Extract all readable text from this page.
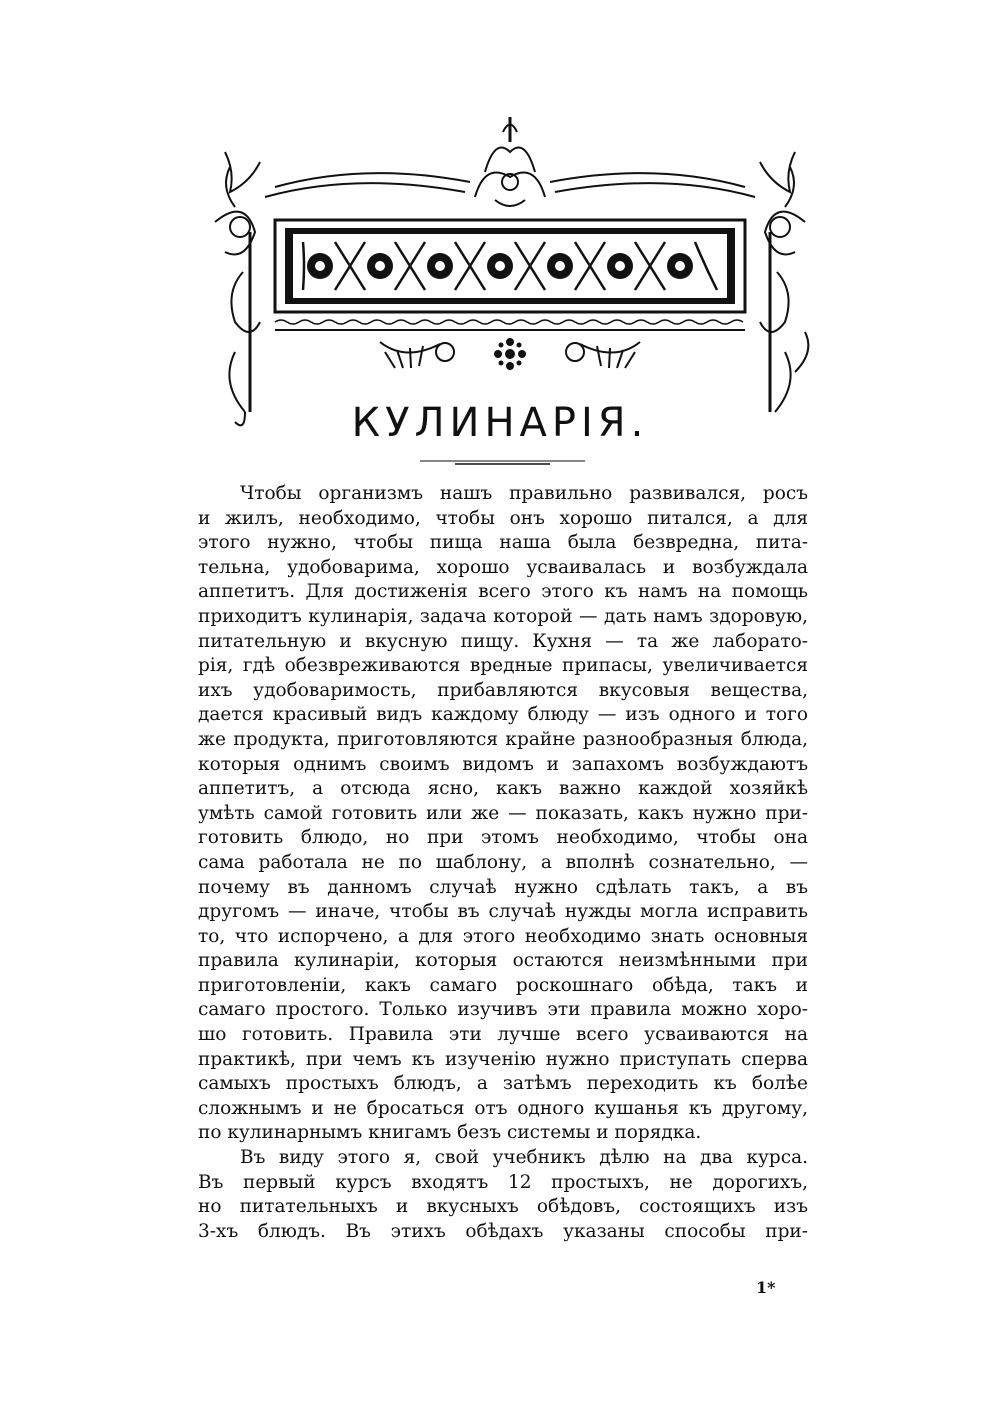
КУЛИНАРІЯ.
Чтобы организмъ нашъ правильно развивался, росъ
и жилъ, необходимо, чтобы онъ хорошо питался, а для
этого нужно, чтобы пища наша была безвредна, пита-
тельна, удобоварима, хорошо усваивалась и возбуждала
аппетитъ. Для достиженія всего этого къ намъ на помощь
приходитъ кулинарія, задача которой — дать намъ здоровую,
питательную и вкусную пищу. Кухня — та же лаборато-
рія, гдѣ обезвреживаются вредные припасы, увеличивается
ихъ удобоваримость, прибавляются вкусовыя вещества,
дается красивый видъ каждому блюду — изъ одного и того
же продукта, приготовляются крайне разнообразныя блюда,
которыя однимъ своимъ видомъ и запахомъ возбуждаютъ
аппетитъ, а отсюда ясно, какъ важно каждой хозяйкѣ
умѣть самой готовить или же — показать, какъ нужно при-
готовить блюдо, но при этомъ необходимо, чтобы она
сама работала не по шаблону, а вполнѣ сознательно, —
почему въ данномъ случаѣ нужно сдѣлать такъ, а въ
другомъ — иначе, чтобы въ случаѣ нужды могла исправить
то, что испорчено, а для этого необходимо знать основныя
правила кулинаріи, которыя остаются неизмѣнными при
приготовленіи, какъ самаго роскошнаго обѣда, такъ и
самаго простого. Только изучивъ эти правила можно хоро-
шо готовить. Правила эти лучше всего усваиваются на
практикѣ, при чемъ къ изученію нужно приступать сперва
самыхъ простыхъ блюдъ, а затѣмъ переходить къ болѣе
сложнымъ и не бросаться отъ одного кушанья къ другому,
по кулинарнымъ книгамъ безъ системы и порядка.
Въ виду этого я, свой учебникъ дѣлю на два курса.
Въ первый курсъ входятъ 12 простыхъ, не дорогихъ,
но питательныхъ и вкусныхъ обѣдовъ, состоящихъ изъ
3-хъ блюдъ. Въ этихъ обѣдахъ указаны способы при-
1*
